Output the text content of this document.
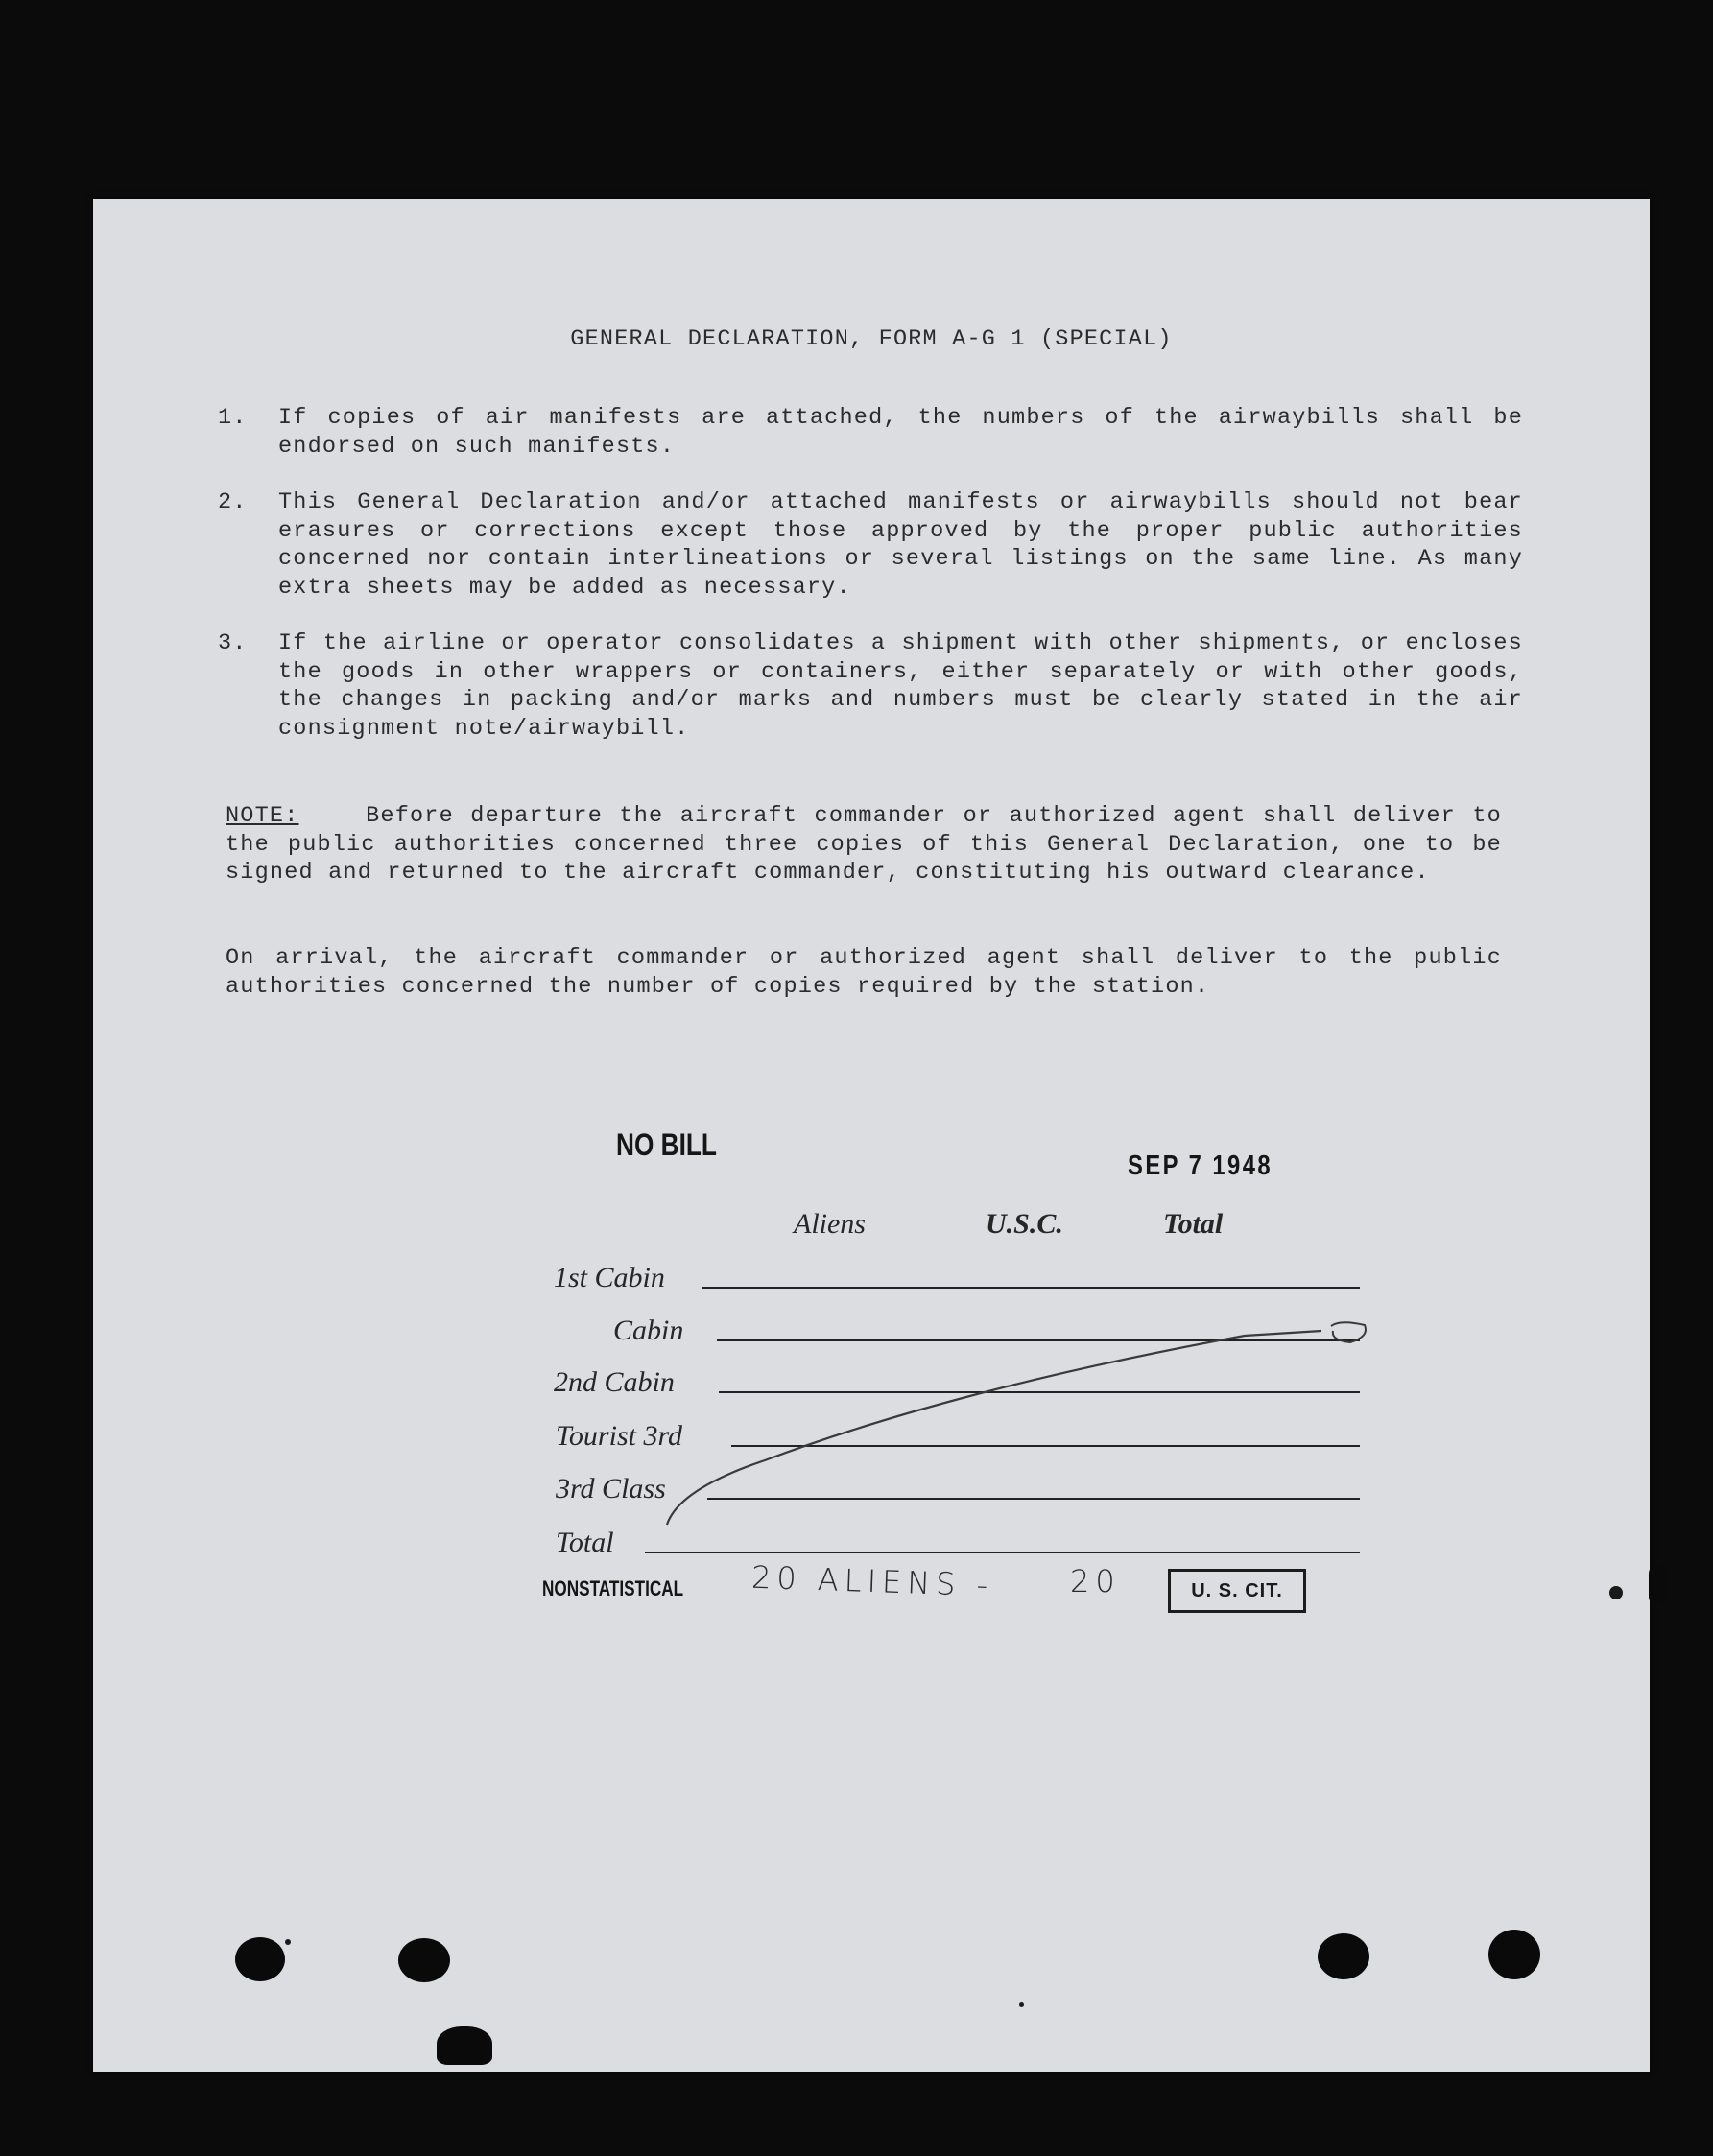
GENERAL DECLARATION, FORM A-G 1 (SPECIAL)
1.	If copies of air manifests are attached, the numbers of the airwaybills shall be endorsed on such manifests.
2.	This General Declaration and/or attached manifests or airwaybills should not bear erasures or corrections except those approved by the proper public authorities concerned nor contain interlineations or several listings on the same line. As many extra sheets may be added as necessary.
3.	If the airline or operator consolidates a shipment with other shipments, or encloses the goods in other wrappers or containers, either separately or with other goods, the changes in packing and/or marks and numbers must be clearly stated in the air consignment note/airwaybill.
NOTE:	Before departure the aircraft commander or authorized agent shall deliver to the public authorities concerned three copies of this General Declaration, one to be signed and returned to the aircraft commander, constituting his outward clearance.
On arrival, the aircraft commander or authorized agent shall deliver to the public authorities concerned the number of copies required by the station.
NO BILL
SEP 7 1948
Aliens	U.S.C.	Total
1st Cabin
Cabin
2nd Cabin
Tourist 3rd
3rd Class
Total
NONSTATISTICAL 20 ALIENS - 20	U. S. CIT.
